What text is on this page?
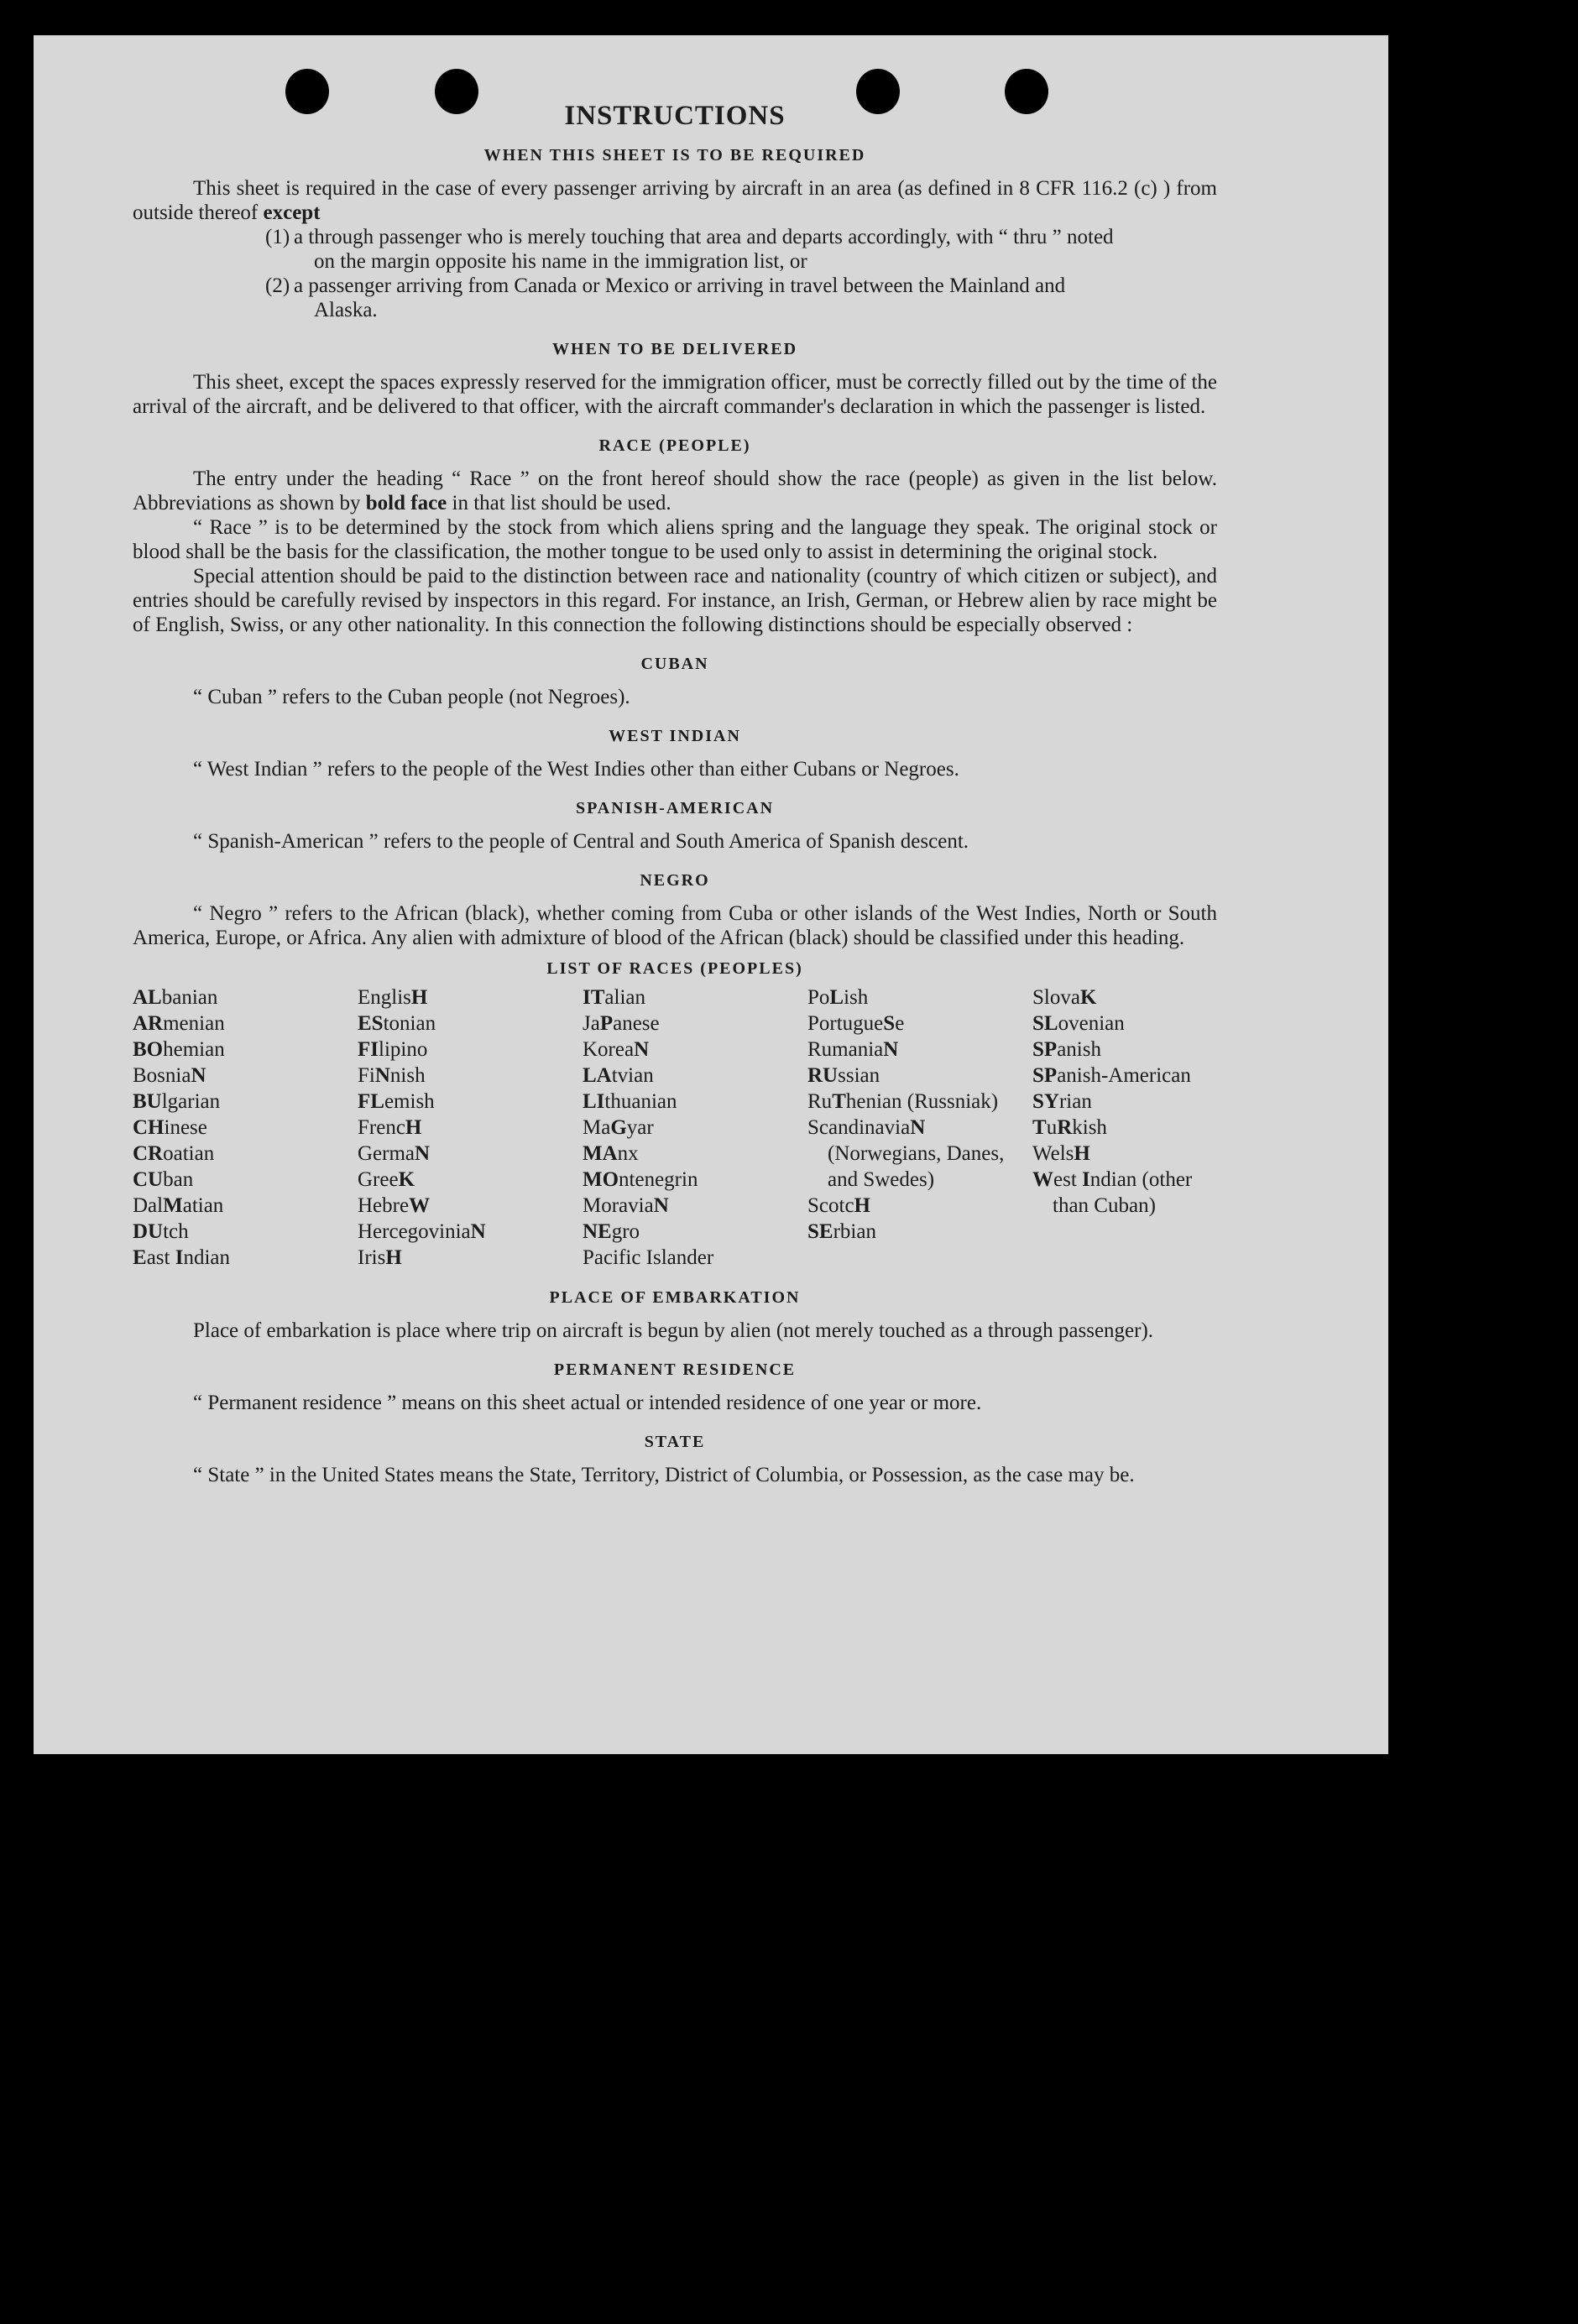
INSTRUCTIONS
WHEN THIS SHEET IS TO BE REQUIRED

This sheet is required in the case of every passenger arriving by aircraft in an area (as defined in 8 CFR 116.2 (c) ) from outside thereof except

(1) a through passenger who is merely touching that area and departs accordingly, with “ thru ” noted
on the margin opposite his name in the immigration list, or
(2) a passenger arriving from Canada or Mexico or arriving in travel between the Mainland and
Alaska.
WHEN TO BE DELIVERED

This sheet, except the spaces expressly reserved for the immigration officer, must be correctly filled out by the time of the arrival of the aircraft, and be delivered to that officer, with the aircraft commander's declaration in which the passenger is listed.

RACE (PEOPLE)

The entry under the heading “ Race ” on the front hereof should show the race (people) as given in the list below. Abbreviations as shown by bold face in that list should be used.

“ Race ” is to be determined by the stock from which aliens spring and the language they speak. The original stock or blood shall be the basis for the classification, the mother tongue to be used only to assist in determining the original stock.

Special attention should be paid to the distinction between race and nationality (country of which citizen or subject), and entries should be carefully revised by inspectors in this regard. For instance, an Irish, German, or Hebrew alien by race might be of English, Swiss, or any other nationality. In this connection the following distinctions should be especially observed :

CUBAN

“ Cuban ” refers to the Cuban people (not Negroes).

WEST INDIAN

“ West Indian ” refers to the people of the West Indies other than either Cubans or Negroes.

SPANISH-AMERICAN

“ Spanish-American ” refers to the people of Central and South America of Spanish descent.

NEGRO

“ Negro ” refers to the African (black), whether coming from Cuba or other islands of the West Indies, North or South America, Europe, or Africa. Any alien with admixture of blood of the African (black) should be classified under this heading.

LIST OF RACES (PEOPLES)
ALbanian
ARmenian
BOhemian
BosniaN
BUlgarian
CHinese
CRoatian
CUban
DalMatian
DUtch
East Indian
EnglisH
EStonian
FIlipino
FiNnish
FLemish
FrencH
GermaN
GreeK
HebreW
HercegoviniaN
IrisH
ITalian
JaPanese
KoreaN
LAtvian
LIthuanian
MaGyar
MAnx
MOntenegrin
MoraviaN
NEgro
Pacific Islander
PoLish
PortugueSe
RumaniaN
RUssian
RuThenian (Russniak)
ScandinaviaN (Norwegians, Danes, and Swedes)
ScotcH
SErbian
SlovaK
SLovenian
SPanish
SPanish-American
SYrian
TuRkish
WelsH
West Indian (other than Cuban)
PLACE OF EMBARKATION

Place of embarkation is place where trip on aircraft is begun by alien (not merely touched as a through passenger).

PERMANENT RESIDENCE

“ Permanent residence ” means on this sheet actual or intended residence of one year or more.

STATE

“ State ” in the United States means the State, Territory, District of Columbia, or Possession, as the case may be.
